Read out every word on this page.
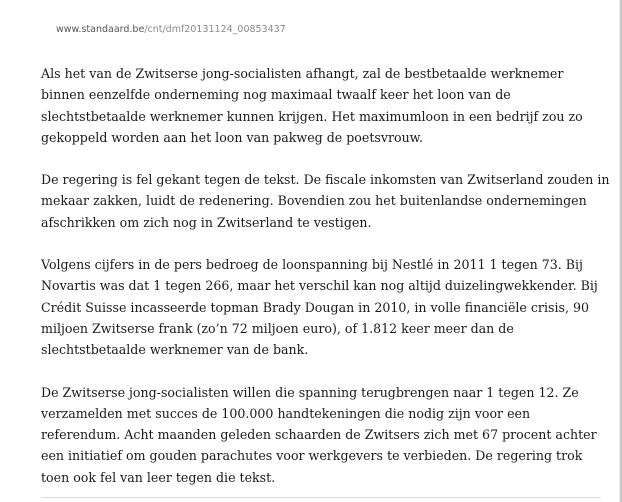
www.standaard.be/cnt/dmf20131124_00853437

Als het van de Zwitserse jong-socialisten afhangt, zal de bestbetaalde werknemer binnen eenzelfde onderneming nog maximaal twaalf keer het loon van de slechtstbetaalde werknemer kunnen krijgen. Het maximumloon in een bedrijf zou zo gekoppeld worden aan het loon van pakweg de poetsvrouw.

De regering is fel gekant tegen de tekst. De fiscale inkomsten van Zwitserland zouden in mekaar zakken, luidt de redenering. Bovendien zou het buitenlandse ondernemingen afschrikken om zich nog in Zwitserland te vestigen.

Volgens cijfers in de pers bedroeg de loonspanning bij Nestlé in 2011 1 tegen 73. Bij Novartis was dat 1 tegen 266, maar het verschil kan nog altijd duizelingwekkender. Bij Crédit Suisse incasseerde topman Brady Dougan in 2010, in volle financiële crisis, 90 miljoen Zwitserse frank (zo’n 72 miljoen euro), of 1.812 keer meer dan de slechtstbetaalde werknemer van de bank.

De Zwitserse jong-socialisten willen die spanning terugbrengen naar 1 tegen 12. Ze verzamelden met succes de 100.000 handtekeningen die nodig zijn voor een referendum. Acht maanden geleden schaarden de Zwitsers zich met 67 procent achter een initiatief om gouden parachutes voor werkgevers te verbieden. De regering trok toen ook fel van leer tegen die tekst.
